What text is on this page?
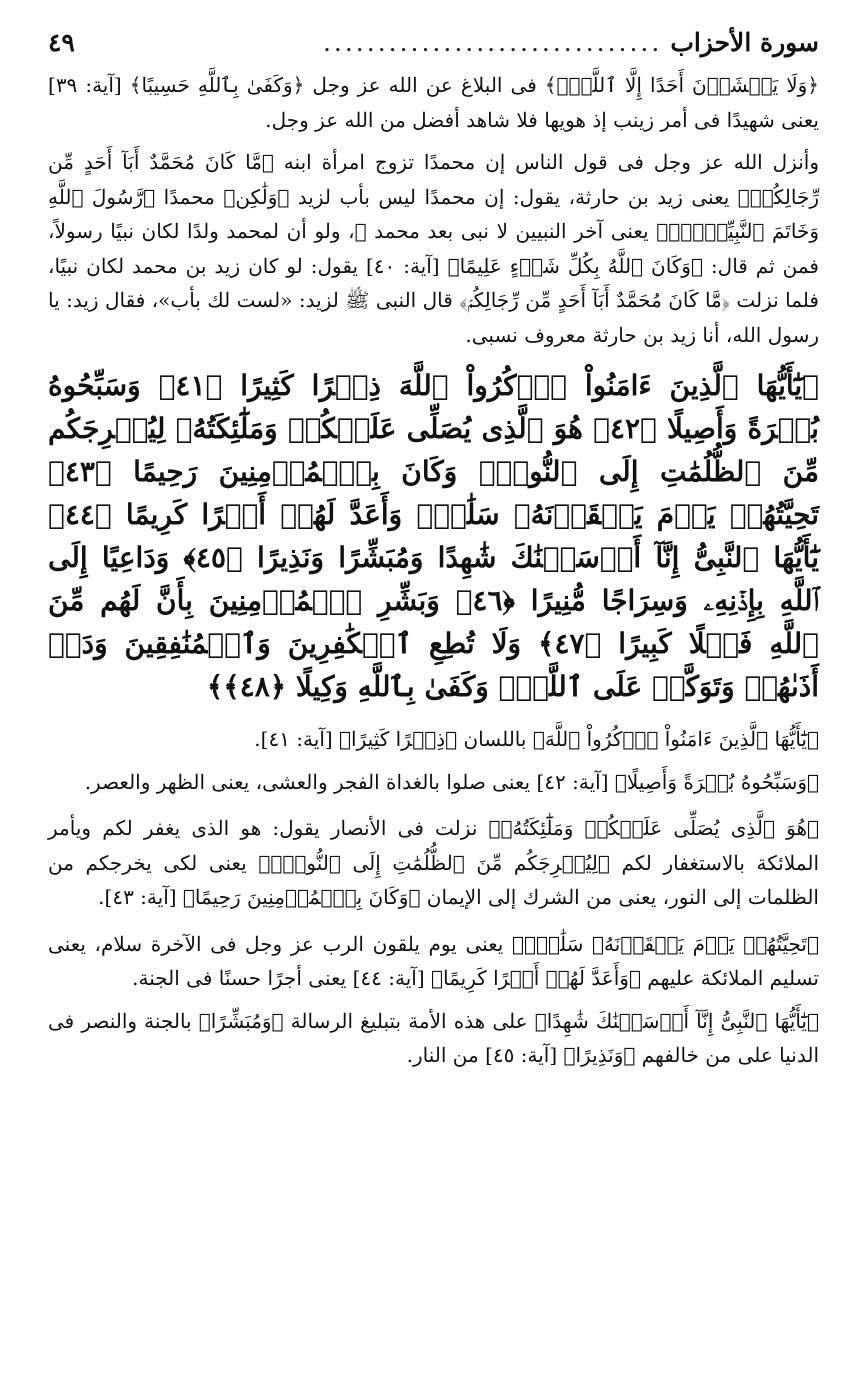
سورة الأحزاب
...............................
٤٩

﴿وَلَا يَخۡشَوۡنَ أَحَدًا إِلَّا ٱللَّهَۗ﴾ فى البلاغ عن الله عز وجل ﴿وَكَفَىٰ بِٱللَّهِ حَسِيبًا﴾ [آية: ٣٩] يعنى شهيدًا فى أمر زينب إذ هويها فلا شاهد أفضل من الله عز وجل.

وأنزل الله عز وجل فى قول الناس إن محمدًا تزوج امرأة ابنه ﴿مَّا كَانَ مُحَمَّدٌ أَبَآ أَحَدٍ مِّن رِّجَالِكُمۡ﴾ يعنى زيد بن حارثة، يقول: إن محمدًا ليس بأب لزيد ﴿وَلَٰكِن﴾ محمدًا ﴿رَّسُولَ ٱللَّهِ وَخَاتَمَ ٱلنَّبِيِّـۧنَۗ﴾ يعنى آخر النبيين لا نبى بعد محمد ﷺ، ولو أن لمحمد ولدًا لكان نبيًا رسولاً، فمن ثم قال: ﴿وَكَانَ ٱللَّهُ بِكُلِّ شَىۡءٍ عَلِيمًا﴾ [آية: ٤٠] يقول: لو كان زيد بن محمد لكان نبيًا، فلما نزلت ﴿مَّا كَانَ مُحَمَّدٌ أَبَآ أَحَدٍ مِّن رِّجَالِكُمۡ﴾ قال النبى ﷺ لزيد: «لست لك بأب»، فقال زيد: يا رسول الله، أنا زيد بن حارثة معروف نسبى.

﴿يَٰٓأَيُّهَا ٱلَّذِينَ ءَامَنُواْ ٱذۡكُرُواْ ٱللَّهَ ذِكۡرًا كَثِيرًا ﴿٤١﴾ وَسَبِّحُوهُ بُكۡرَةً وَأَصِيلًا ﴿٤٢﴾ هُوَ ٱلَّذِى يُصَلِّى عَلَيۡكُمۡ وَمَلَٰٓئِكَتُهُۥ لِيُخۡرِجَكُم مِّنَ ٱلظُّلُمَٰتِ إِلَى ٱلنُّورِۚ وَكَانَ بِٱلۡمُؤۡمِنِينَ رَحِيمًا ﴿٤٣﴾ تَحِيَّتُهُمۡ يَوۡمَ يَلۡقَوۡنَهُۥ سَلَٰمٌۚ وَأَعَدَّ لَهُمۡ أَجۡرًا كَرِيمًا ﴿٤٤﴾ يَٰٓأَيُّهَا ٱلنَّبِىُّ إِنَّآ أَرۡسَلۡنَٰكَ شَٰهِدًا وَمُبَشِّرًا وَنَذِيرًا ﴿٤٥﴾ وَدَاعِيًا إِلَى ٱللَّهِ بِإِذۡنِهِۦ وَسِرَاجًا مُّنِيرًا ﴿٤٦﴾ وَبَشِّرِ ٱلۡمُؤۡمِنِينَ بِأَنَّ لَهُم مِّنَ ٱللَّهِ فَضۡلًا كَبِيرًا ﴿٤٧﴾ وَلَا تُطِعِ ٱلۡكَٰفِرِينَ وَٱلۡمُنَٰفِقِينَ وَدَعۡ أَذَىٰهُمۡ وَتَوَكَّلۡ عَلَى ٱللَّهِۚ وَكَفَىٰ بِٱللَّهِ وَكِيلًا ﴿٤٨﴾﴾

﴿يَٰٓأَيُّهَا ٱلَّذِينَ ءَامَنُواْ ٱذۡكُرُواْ ٱللَّهَ﴾ باللسان ﴿ذِكۡرًا كَثِيرًا﴾ [آية: ٤١].

﴿وَسَبِّحُوهُ بُكۡرَةً وَأَصِيلًا﴾ [آية: ٤٢] يعنى صلوا بالغداة الفجر والعشى، يعنى الظهر والعصر.

﴿هُوَ ٱلَّذِى يُصَلِّى عَلَيۡكُمۡ وَمَلَٰٓئِكَتُهُۥ﴾ نزلت فى الأنصار يقول: هو الذى يغفر لكم ويأمر الملائكة بالاستغفار لكم ﴿لِيُخۡرِجَكُم مِّنَ ٱلظُّلُمَٰتِ إِلَى ٱلنُّورِۚ﴾ يعنى لكى يخرجكم من الظلمات إلى النور، يعنى من الشرك إلى الإيمان ﴿وَكَانَ بِٱلۡمُؤۡمِنِينَ رَحِيمًا﴾ [آية: ٤٣].

﴿تَحِيَّتُهُمۡ يَوۡمَ يَلۡقَوۡنَهُۥ سَلَٰمٌۚ﴾ يعنى يوم يلقون الرب عز وجل فى الآخرة سلام، يعنى تسليم الملائكة عليهم ﴿وَأَعَدَّ لَهُمۡ أَجۡرًا كَرِيمًا﴾ [آية: ٤٤] يعنى أجرًا حسنًا فى الجنة.

﴿يَٰٓأَيُّهَا ٱلنَّبِىُّ إِنَّآ أَرۡسَلۡنَٰكَ شَٰهِدًا﴾ على هذه الأمة بتبليغ الرسالة ﴿وَمُبَشِّرًا﴾ بالجنة والنصر فى الدنيا على من خالفهم ﴿وَنَذِيرًا﴾ [آية: ٤٥] من النار.
